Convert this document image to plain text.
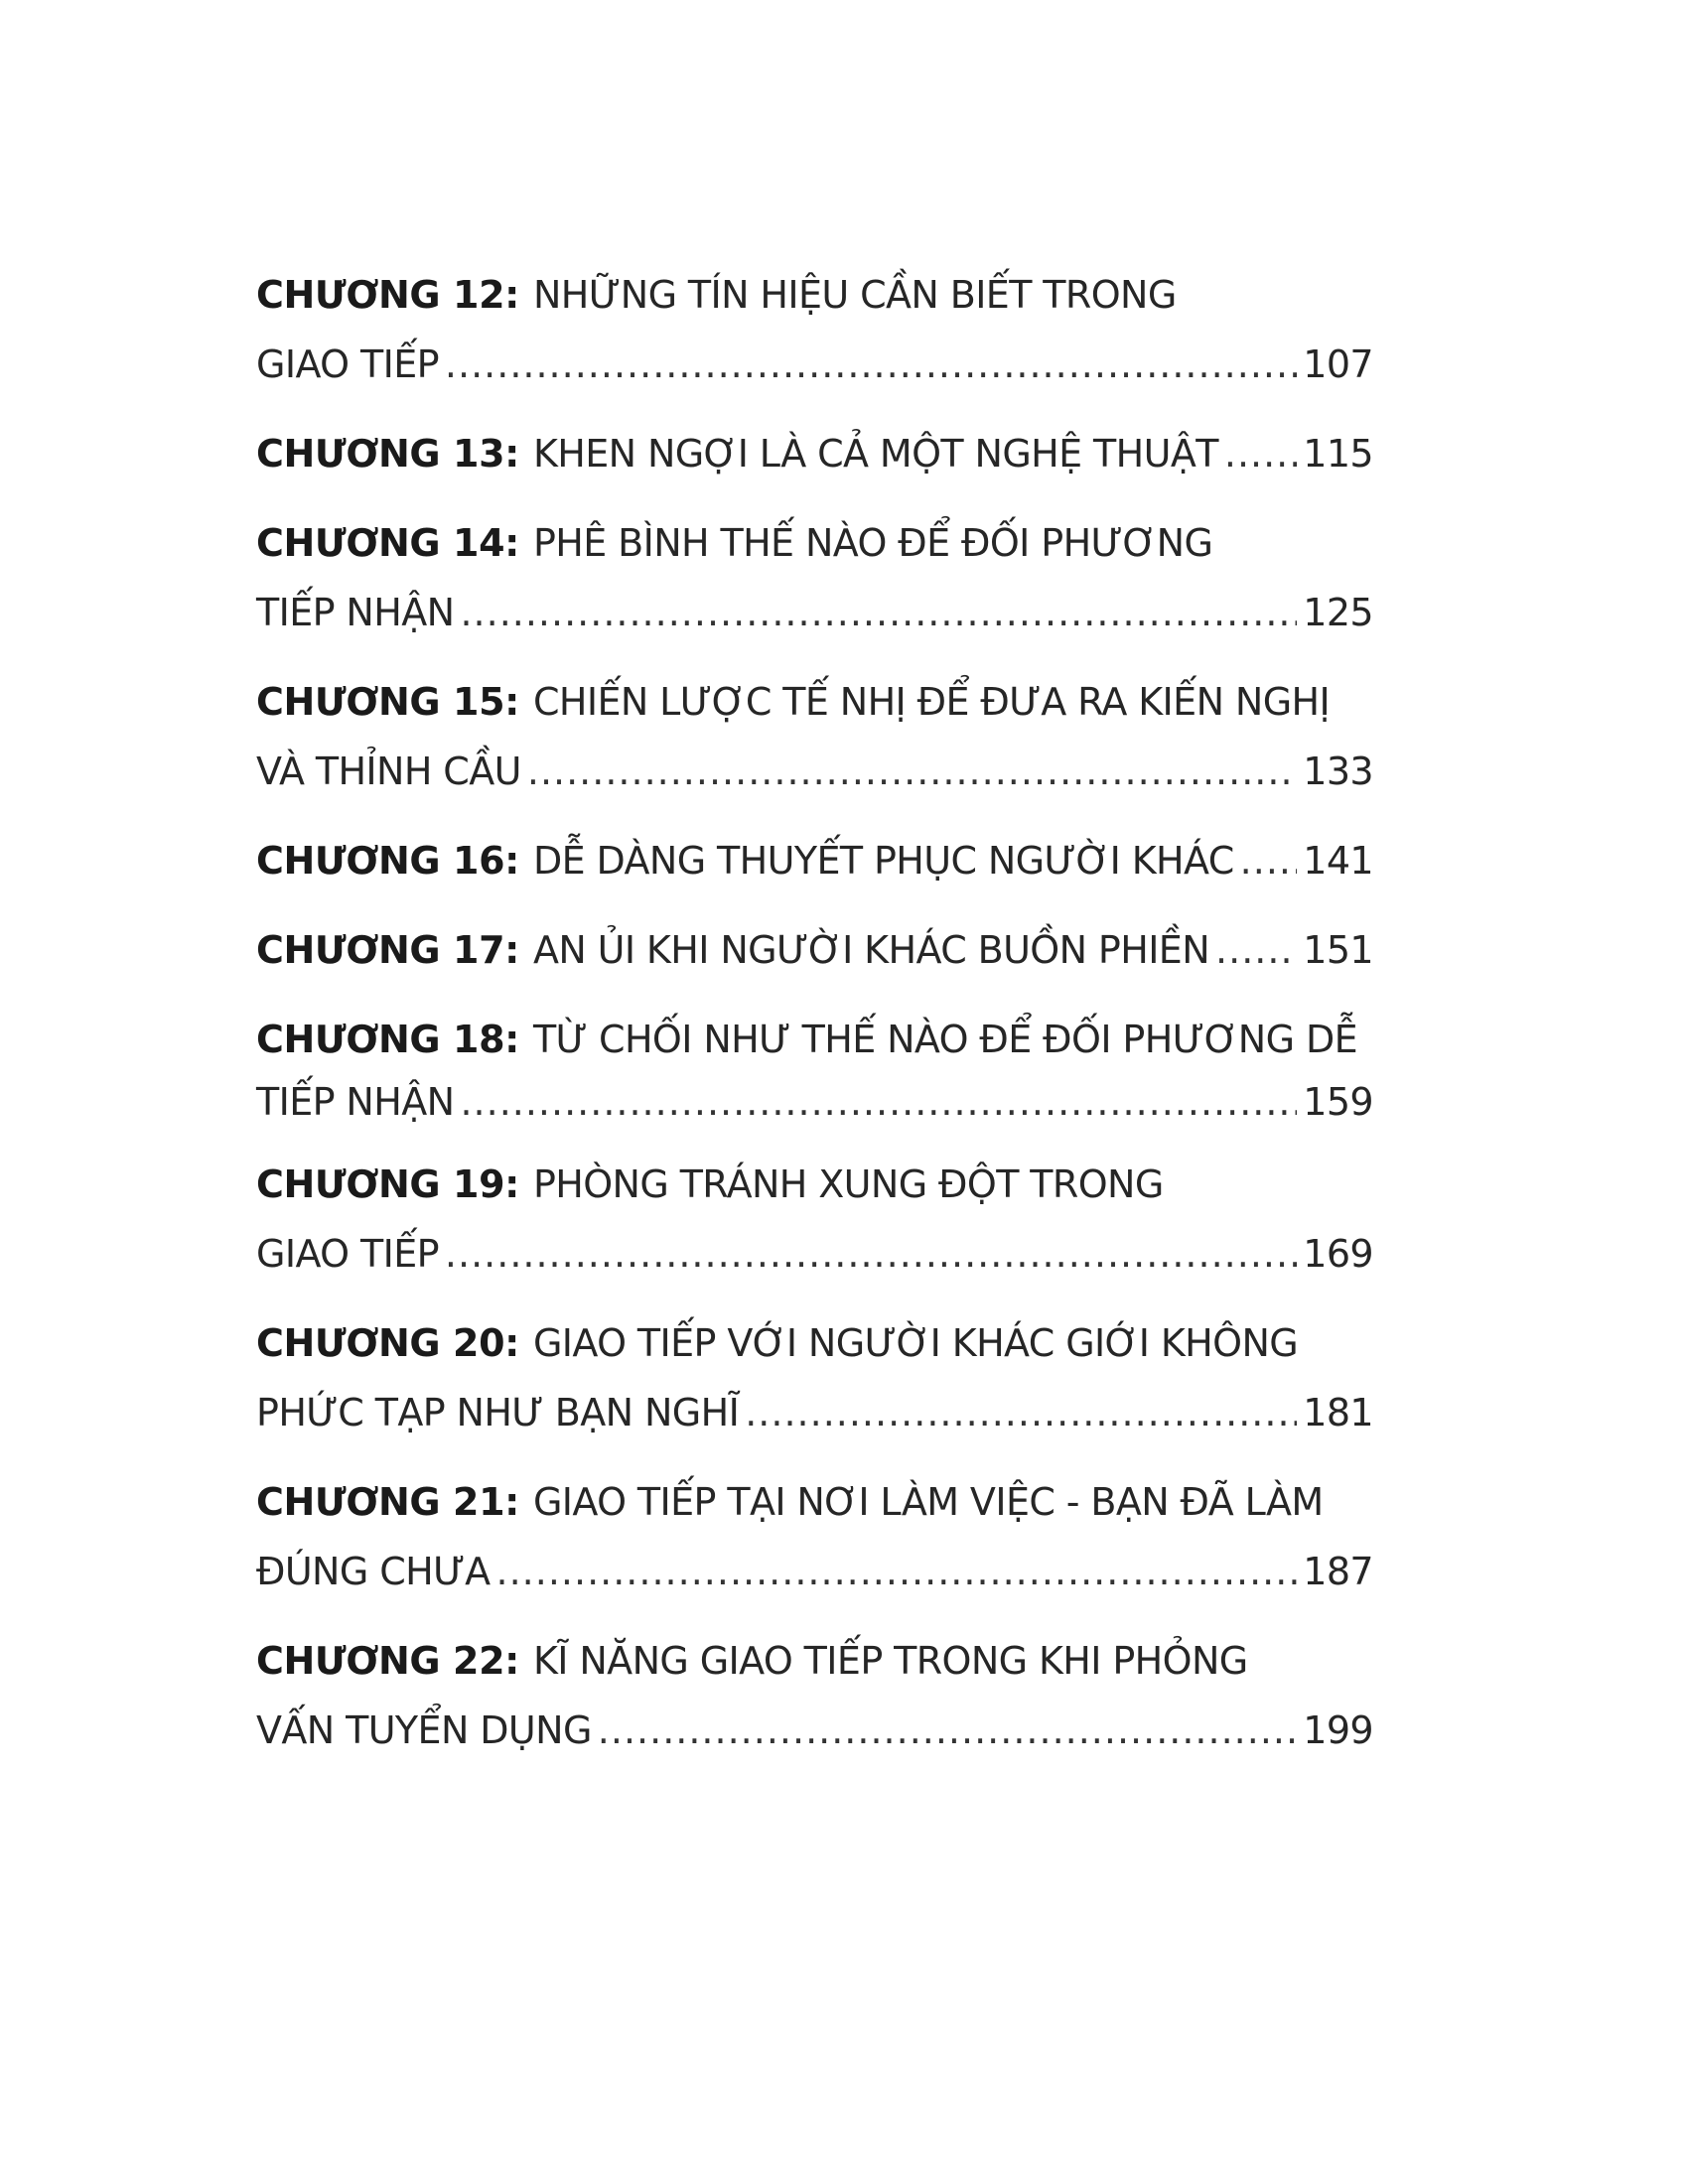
CHƯƠNG 12: NHỮNG TÍN HIỆU CẦN BIẾT TRONG
GIAO TIẾP .....	107
CHƯƠNG 13: KHEN NGỢI LÀ CẢ MỘT NGHỆ THUẬT ..... 115
CHƯƠNG 14: PHÊ BÌNH THẾ NÀO ĐỂ ĐỐI PHƯƠNG
TIẾP NHẬN .....	125
CHƯƠNG 15: CHIẾN LƯỢC TẾ NHỊ ĐỂ ĐƯA RA KIẾN NGHỊ
VÀ THỈNH CẦU .....	133
CHƯƠNG 16: DỄ DÀNG THUYẾT PHỤC NGƯỜI KHÁC ..... 141
CHƯƠNG 17: AN ỦI KHI NGƯỜI KHÁC BUỒN PHIỀN ..... 151
CHƯƠNG 18: TỪ CHỐI NHƯ THẾ NÀO ĐỂ ĐỐI PHƯƠNG DỄ
TIẾP NHẬN .....	159
CHƯƠNG 19: PHÒNG TRÁNH XUNG ĐỘT TRONG
GIAO TIẾP .....	169
CHƯƠNG 20: GIAO TIẾP VỚI NGƯỜI KHÁC GIỚI KHÔNG
PHỨC TẠP NHƯ BẠN NGHĨ .....	181
CHƯƠNG 21: GIAO TIẾP TẠI NƠI LÀM VIỆC - BẠN ĐÃ LÀM
ĐÚNG CHƯA .....	187
CHƯƠNG 22: KĨ NĂNG GIAO TIẾP TRONG KHI PHỎNG
VẤN TUYỂN DỤNG .....	199
